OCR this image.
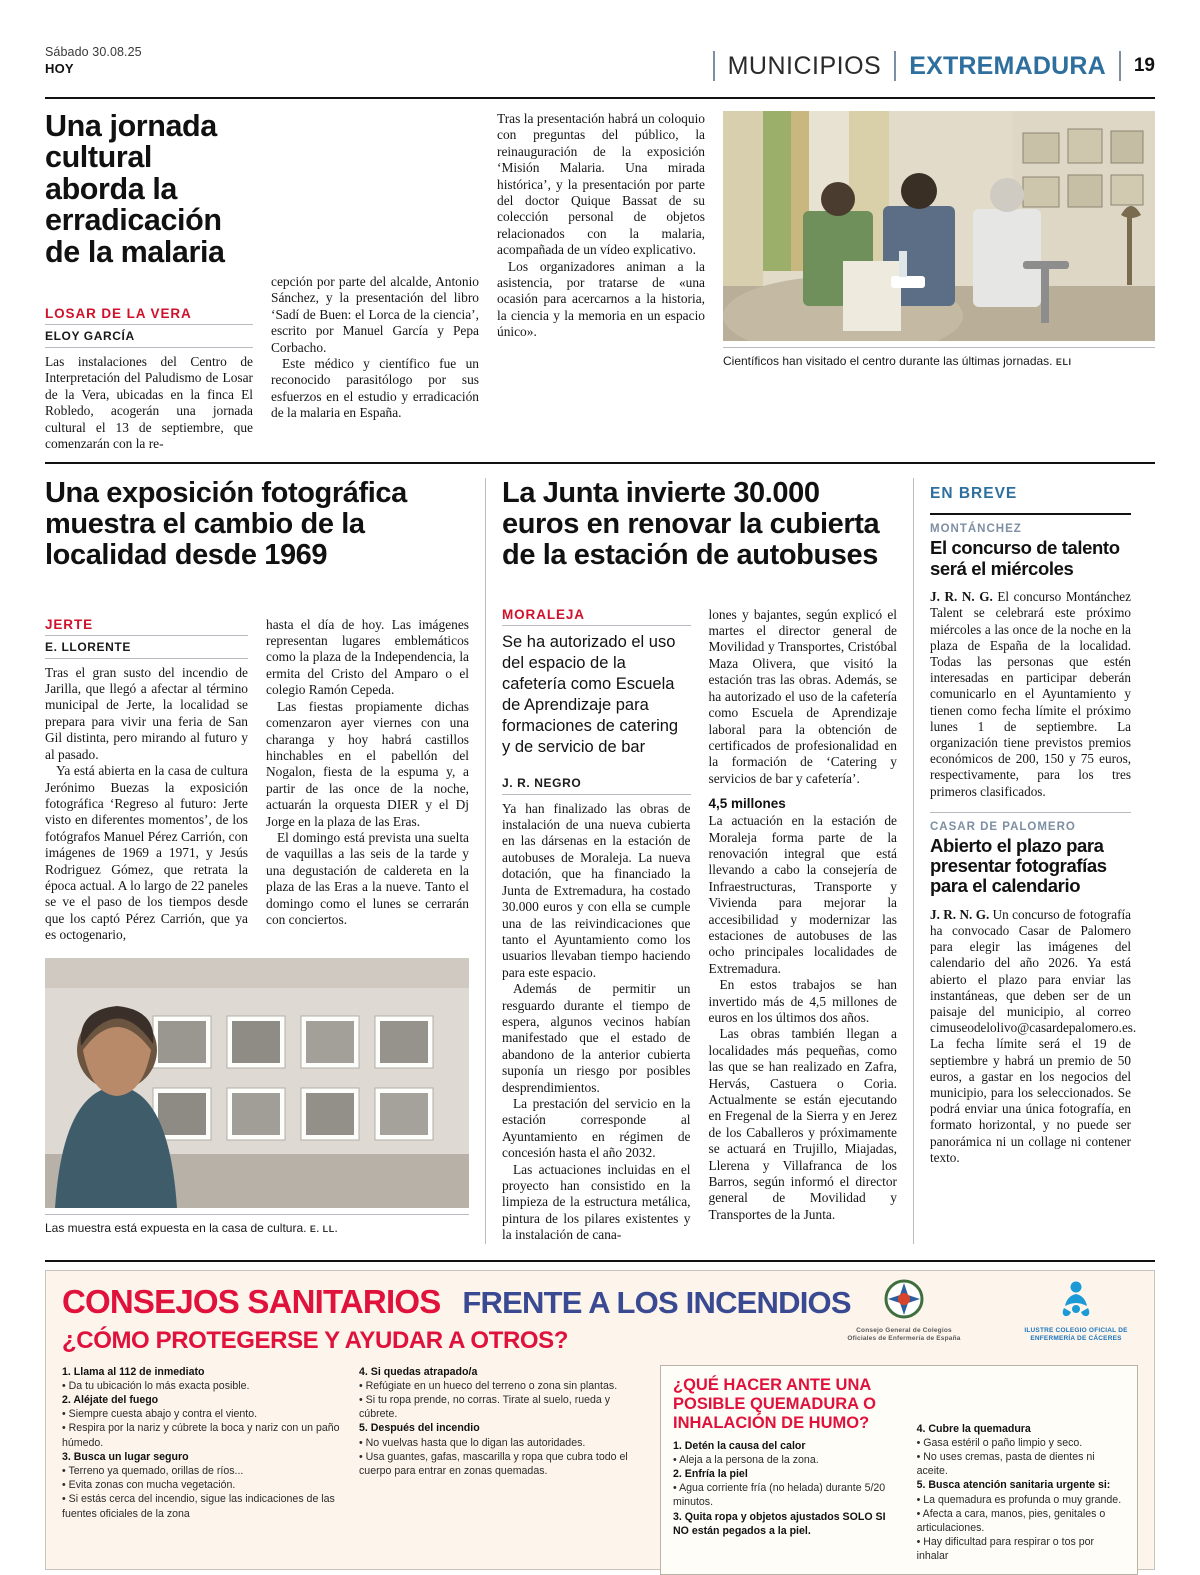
Sábado 30.08.25
HOY	MUNICIPIOS EXTREMADURA 19
Una jornada cultural aborda la erradicación de la malaria
LOSAR DE LA VERA
ELOY GARCÍA

Las instalaciones del Centro de Interpretación del Paludismo de Losar de la Vera, ubicadas en la finca El Robledo, acogerán una jornada cultural el 13 de septiembre, que comenzarán con la re-

cepción por parte del alcalde, Antonio Sánchez, y la presentación del libro ‘Sadí de Buen: el Lorca de la ciencia’, escrito por Manuel García y Pepa Corbacho.

Este médico y científico fue un reconocido parasitólogo por sus esfuerzos en el estudio y erradicación de la malaria en España.

Tras la presentación habrá un coloquio con preguntas del público, la reinauguración de la exposición ‘Misión Malaria. Una mirada histórica’, y la presentación por parte del doctor Quique Bassat de su colección personal de objetos relacionados con la malaria, acompañada de un vídeo explicativo.

Los organizadores animan a la asistencia, por tratarse de «una ocasión para acercarnos a la historia, la ciencia y la memoria en un espacio único».

Científicos han visitado el centro durante las últimas jornadas. ELI
Una exposición fotográfica muestra el cambio de la localidad desde 1969
JERTE
E. LLORENTE

Tras el gran susto del incendio de Jarilla, que llegó a afectar al término municipal de Jerte, la localidad se prepara para vivir una feria de San Gil distinta, pero mirando al futuro y al pasado.

Ya está abierta en la casa de cultura Jerónimo Buezas la exposición fotográfica ‘Regreso al futuro: Jerte visto en diferentes momentos’, de los fotógrafos Manuel Pérez Carrión, con imágenes de 1969 a 1971, y Jesús Rodriguez Gómez, que retrata la época actual. A lo largo de 22 paneles se ve el paso de los tiempos desde que los captó Pérez Carrión, que ya es octogenario,

hasta el día de hoy. Las imágenes representan lugares emblemáticos como la plaza de la Independencia, la ermita del Cristo del Amparo o el colegio Ramón Cepeda.

Las fiestas propiamente dichas comenzaron ayer viernes con una charanga y hoy habrá castillos hinchables en el pabellón del Nogalon, fiesta de la espuma y, a partir de las once de la noche, actuarán la orquesta DIER y el Dj Jorge en la plaza de las Eras.

El domingo está prevista una suelta de vaquillas a las seis de la tarde y una degustación de caldereta en la plaza de las Eras a la nueve. Tanto el domingo como el lunes se cerrarán con conciertos.

Las muestra está expuesta en la casa de cultura. E. LL.
La Junta invierte 30.000 euros en renovar la cubierta de la estación de autobuses
MORALEJA
Se ha autorizado el uso del espacio de la cafetería como Escuela de Aprendizaje para formaciones de catering y de servicio de bar
J. R. NEGRO

Ya han finalizado las obras de instalación de una nueva cubierta en las dársenas en la estación de autobuses de Moraleja. La nueva dotación, que ha financiado la Junta de Extremadura, ha costado 30.000 euros y con ella se cumple una de las reivindicaciones que tanto el Ayuntamiento como los usuarios llevaban tiempo haciendo para este espacio.

Además de permitir un resguardo durante el tiempo de espera, algunos vecinos habían manifestado que el estado de abandono de la anterior cubierta suponía un riesgo por posibles desprendimientos.

La prestación del servicio en la estación corresponde al Ayuntamiento en régimen de concesión hasta el año 2032.

Las actuaciones incluidas en el proyecto han consistido en la limpieza de la estructura metálica, pintura de los pilares existentes y la instalación de cana-

lones y bajantes, según explicó el martes el director general de Movilidad y Transportes, Cristóbal Maza Olivera, que visitó la estación tras las obras. Además, se ha autorizado el uso de la cafetería como Escuela de Aprendizaje laboral para la obtención de certificados de profesionalidad en la formación de ‘Catering y servicios de bar y cafetería’.

4,5 millones

La actuación en la estación de Moraleja forma parte de la renovación integral que está llevando a cabo la consejería de Infraestructuras, Transporte y Vivienda para mejorar la accesibilidad y modernizar las estaciones de autobuses de las ocho principales localidades de Extremadura.

En estos trabajos se han invertido más de 4,5 millones de euros en los últimos dos años.

Las obras también llegan a localidades más pequeñas, como las que se han realizado en Zafra, Hervás, Castuera o Coria. Actualmente se están ejecutando en Fregenal de la Sierra y en Jerez de los Caballeros y próximamente se actuará en Trujillo, Miajadas, Llerena y Villafranca de los Barros, según informó el director general de Movilidad y Transportes de la Junta.

EN BREVE
MONTÁNCHEZ
El concurso de talento será el miércoles

J. R. N. G. El concurso Montánchez Talent se celebrará este próximo miércoles a las once de la noche en la plaza de España de la localidad. Todas las personas que estén interesadas en participar deberán comunicarlo en el Ayuntamiento y tienen como fecha límite el próximo lunes 1 de septiembre. La organización tiene previstos premios económicos de 200, 150 y 75 euros, respectivamente, para los tres primeros clasificados.

CASAR DE PALOMERO
Abierto el plazo para presentar fotografías para el calendario

J. R. N. G. Un concurso de fotografía ha convocado Casar de Palomero para elegir las imágenes del calendario del año 2026. Ya está abierto el plazo para enviar las instantáneas, que deben ser de un paisaje del municipio, al correo cimuseodelolivo@casardepalomero.es. La fecha límite será el 19 de septiembre y habrá un premio de 50 euros, a gastar en los negocios del municipio, para los seleccionados. Se podrá enviar una única fotografía, en formato horizontal, y no puede ser panorámica ni un collage ni contener texto.

Consejo General de Colegios Oficiales de Enfermería de España
ILUSTRE COLEGIO OFICIAL DE ENFERMERÍA DE CÁCERES
CONSEJOS SANITARIOS FRENTE A LOS INCENDIOS
¿CÓMO PROTEGERSE Y AYUDAR A OTROS?
1. Llama al 112 de inmediato
• Da tu ubicación lo más exacta posible.
2. Aléjate del fuego
• Siempre cuesta abajo y contra el viento.
• Respira por la nariz y cúbrete la boca y nariz con un paño húmedo.
3. Busca un lugar seguro
• Terreno ya quemado, orillas de ríos...
• Evita zonas con mucha vegetación.
• Si estás cerca del incendio, sigue las indicaciones de las fuentes oficiales de la zona
4. Si quedas atrapado/a
• Refúgiate en un hueco del terreno o zona sin plantas.
• Si tu ropa prende, no corras. Tirate al suelo, rueda y cúbrete.
5. Después del incendio
• No vuelvas hasta que lo digan las autoridades.
• Usa guantes, gafas, mascarilla y ropa que cubra todo el cuerpo para entrar en zonas quemadas.
¿QUÉ HACER ANTE UNA POSIBLE QUEMADURA O INHALACIÓN DE HUMO?
1. Detén la causa del calor
• Aleja a la persona de la zona.
2. Enfría la piel
• Agua corriente fría (no helada) durante 5/20 minutos.
3. Quita ropa y objetos ajustados SOLO SI NO están pegados a la piel.
4. Cubre la quemadura
• Gasa estéril o paño limpio y seco.
• No uses cremas, pasta de dientes ni aceite.
5. Busca atención sanitaria urgente si:
• La quemadura es profunda o muy grande.
• Afecta a cara, manos, pies, genitales o articulaciones.
• Hay dificultad para respirar o tos por inhalar
